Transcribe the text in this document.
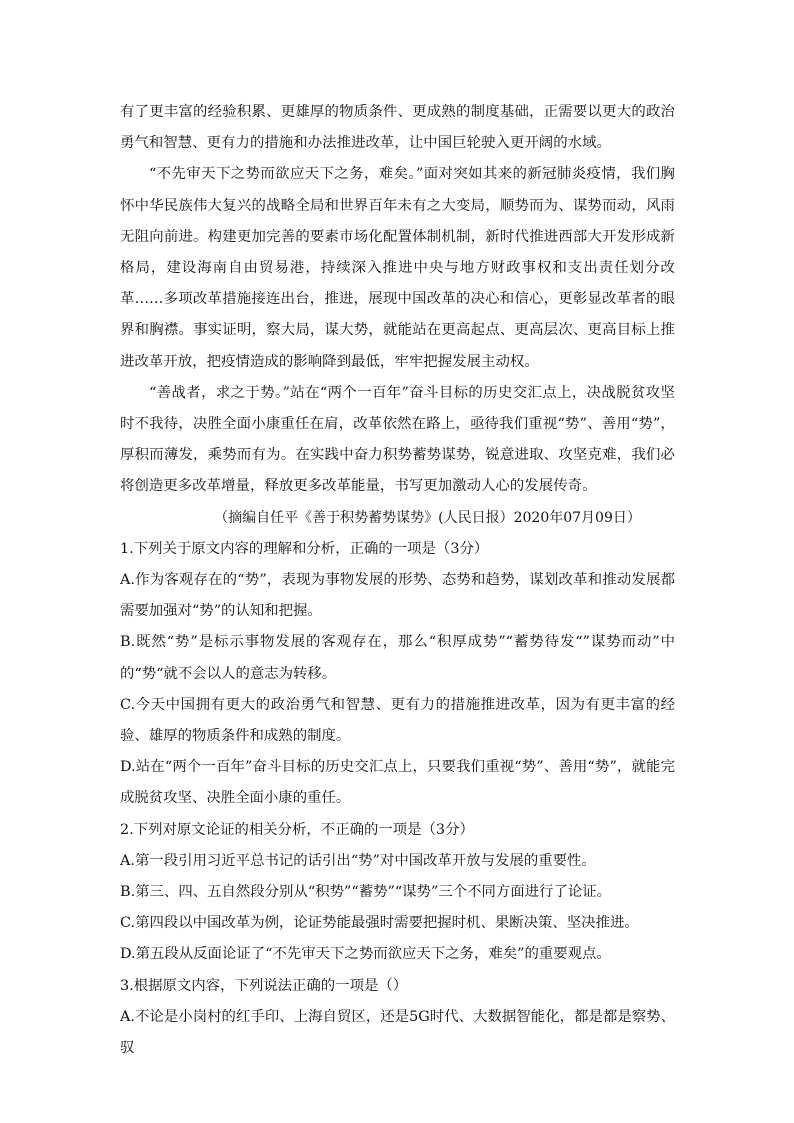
有了更丰富的经验积累、更雄厚的物质条件、更成熟的制度基础，正需要以更大的政治勇气和智慧、更有力的措施和办法推进改革，让中国巨轮驶入更开阔的水域。

“不先审天下之势而欲应天下之务，难矣。”面对突如其来的新冠肺炎疫情，我们胸怀中华民族伟大复兴的战略全局和世界百年未有之大变局，顺势而为、谋势而动，风雨无阻向前进。构建更加完善的要素市场化配置体制机制，新时代推进西部大开发形成新格局，建设海南自由贸易港，持续深入推进中央与地方财政事权和支出责任划分改革……多项改革措施接连出台，推进，展现中国改革的决心和信心，更彰显改革者的眼界和胸襟。事实证明，察大局，谋大势，就能站在更高起点、更高层次、更高目标上推进改革开放，把疫情造成的影响降到最低，牢牢把握发展主动权。

“善战者，求之于势。”站在“两个一百年”奋斗目标的历史交汇点上，决战脱贫攻坚时不我待，决胜全面小康重任在肩，改革依然在路上，亟待我们重视“势”、善用“势”，厚积而薄发，乘势而有为。在实践中奋力积势蓄势谋势，锐意进取、攻坚克难，我们必将创造更多改革增量，释放更多改革能量，书写更加激动人心的发展传奇。

（摘编自任平《善于积势蓄势谋势》(人民日报）2020年07月09日）

1.下列关于原文内容的理解和分析，正确的一项是（3分）

A.作为客观存在的“势”，表现为事物发展的形势、态势和趋势，谋划改革和推动发展都需要加强对“势”的认知和把握。

B.既然“势”是标示事物发展的客观存在，那么“积厚成势”“蓄势待发“”谋势而动”中的“势“就不会以人的意志为转移。

C.今天中国拥有更大的政治勇气和智慧、更有力的措施推进改革，因为有更丰富的经验、雄厚的物质条件和成熟的制度。

D.站在“两个一百年”奋斗目标的历史交汇点上，只要我们重视“势”、善用“势”，就能完成脱贫攻坚、决胜全面小康的重任。

2.下列对原文论证的相关分析，不正确的一项是（3分）

A.第一段引用习近平总书记的话引出“势”对中国改革开放与发展的重要性。

B.第三、四、五自然段分别从“积势”“蓄势”“谋势”三个不同方面进行了论证。

C.第四段以中国改革为例，论证势能最强时需要把握时机、果断决策、坚决推进。

D.第五段从反面论证了“不先审天下之势而欲应天下之务，难矣”的重要观点。

3.根据原文内容，下列说法正确的一项是（）

A.不论是小岗村的红手印、上海自贸区，还是5G时代、大数据智能化，都是都是察势、驭
